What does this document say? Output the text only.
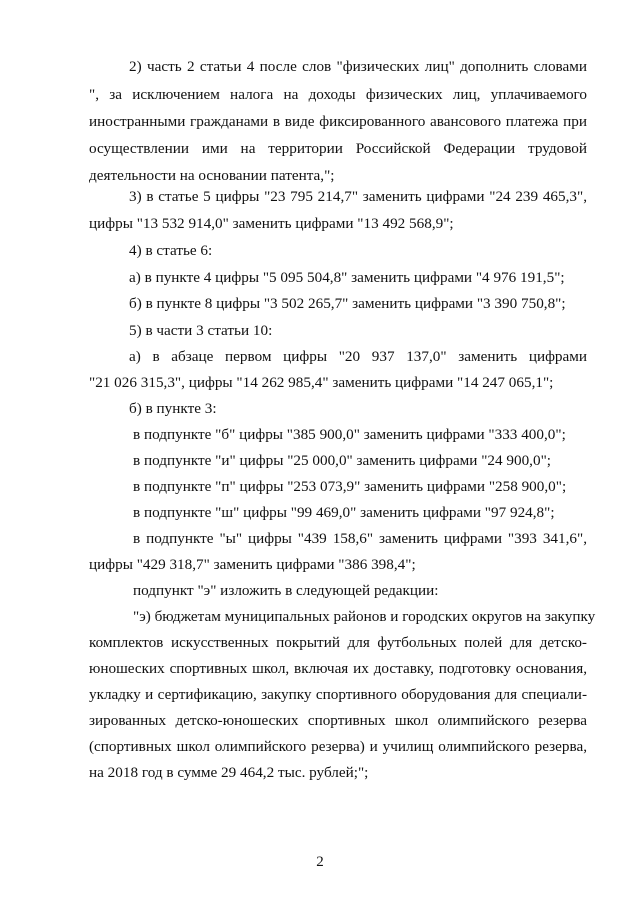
2) часть 2 статьи 4 после слов "физических лиц" дополнить словами
", за исключением налога на доходы физических лиц, уплачиваемого
иностранными гражданами в виде фиксированного авансового платежа при
осуществлении ими на территории Российской Федерации трудовой
деятельности на основании патента,";
3) в статье 5 цифры "23 795 214,7" заменить цифрами "24 239 465,3",
цифры "13 532 914,0" заменить цифрами "13 492 568,9";
4) в статье 6:
а) в пункте 4 цифры "5 095 504,8" заменить цифрами "4 976 191,5";
б) в пункте 8 цифры "3 502 265,7" заменить цифрами "3 390 750,8";
5) в части 3 статьи 10:
а) в абзаце первом цифры "20 937 137,0" заменить цифрами
"21 026 315,3", цифры "14 262 985,4" заменить цифрами "14 247 065,1";
б) в пункте 3:
в подпункте "б" цифры "385 900,0" заменить цифрами "333 400,0";
в подпункте "и" цифры "25 000,0" заменить цифрами "24 900,0";
в подпункте "п" цифры "253 073,9" заменить цифрами "258 900,0";
в подпункте "ш" цифры "99 469,0" заменить цифрами "97 924,8";
в подпункте "ы" цифры "439 158,6" заменить цифрами "393 341,6",
цифры "429 318,7" заменить цифрами "386 398,4";
подпункт "э" изложить в следующей редакции:
"э) бюджетам муниципальных районов и городских округов на закупку
комплектов искусственных покрытий для футбольных полей для детско-
юношеских спортивных школ, включая их доставку, подготовку основания,
укладку и сертификацию, закупку спортивного оборудования для специали-
зированных детско-юношеских спортивных школ олимпийского резерва
(спортивных школ олимпийского резерва) и училищ олимпийского резерва,
на 2018 год в сумме 29 464,2 тыс. рублей;";
2
